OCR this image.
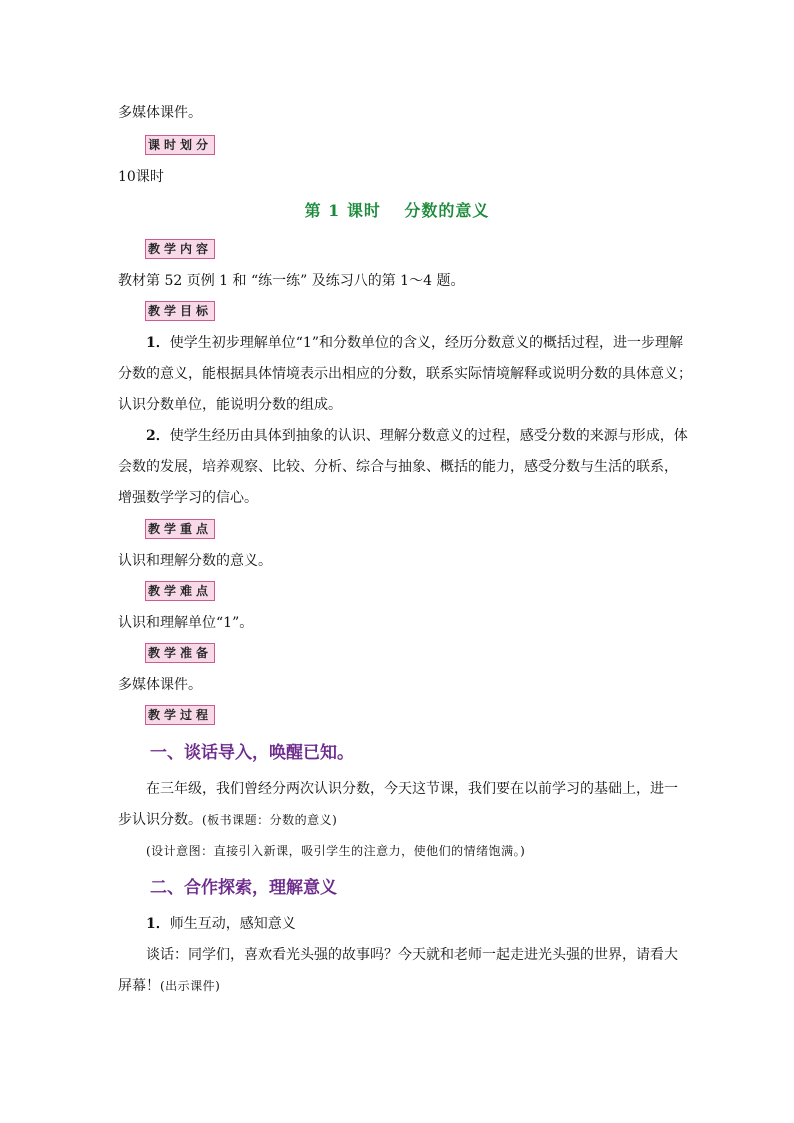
多媒体课件。
课时划分
10课时
第 1 课时　 分数的意义
教学内容
教材第 52 页例 1 和 “练一练” 及练习八的第 1～4 题。
教学目标
1．使学生初步理解单位“1”和分数单位的含义，经历分数意义的概括过程，进一步理解
分数的意义，能根据具体情境表示出相应的分数，联系实际情境解释或说明分数的具体意义；
认识分数单位，能说明分数的组成。
2．使学生经历由具体到抽象的认识、理解分数意义的过程，感受分数的来源与形成，体
会数的发展，培养观察、比较、分析、综合与抽象、概括的能力，感受分数与生活的联系，
增强数学学习的信心。
教学重点
认识和理解分数的意义。
教学难点
认识和理解单位“1”。
教学准备
多媒体课件。
教学过程
一、谈话导入，唤醒已知。
在三年级，我们曾经分两次认识分数，今天这节课，我们要在以前学习的基础上，进一
步认识分数。(板书课题：分数的意义)
(设计意图：直接引入新课，吸引学生的注意力，使他们的情绪饱满。)
二、合作探索，理解意义
1．师生互动，感知意义
谈话：同学们，喜欢看光头强的故事吗？今天就和老师一起走进光头强的世界，请看大
屏幕！(出示课件)
